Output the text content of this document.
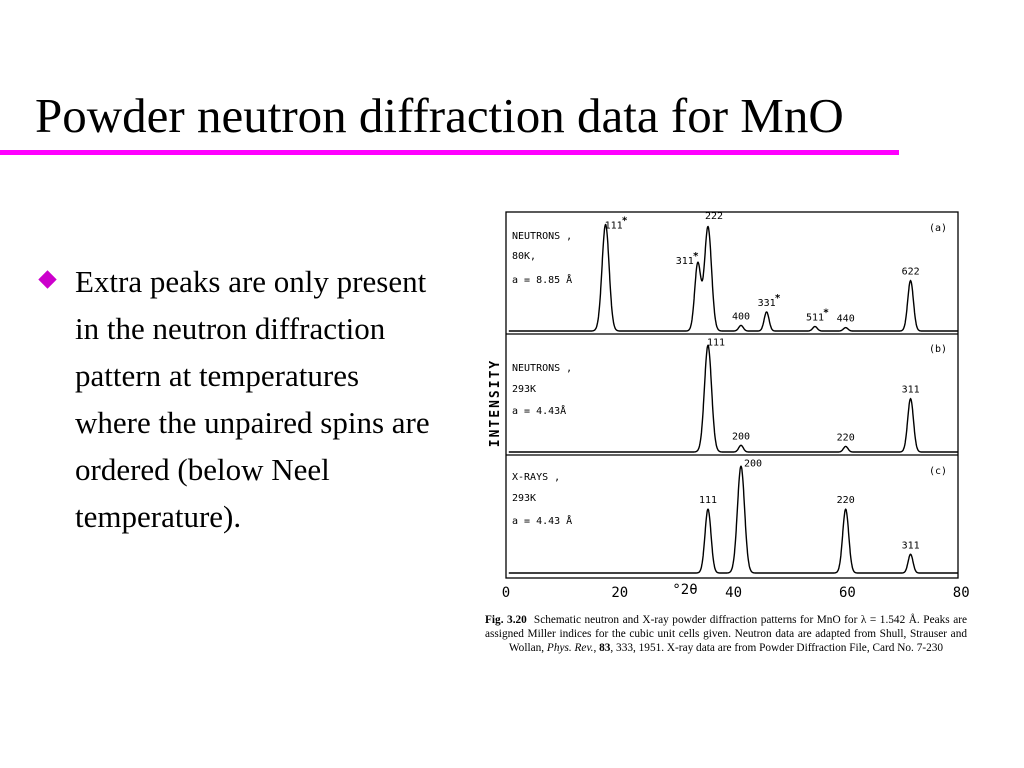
Powder neutron diffraction data for MnO
Extra peaks are only present in the neutron diffraction pattern at temperatures where the unpaired spins are ordered (below Neel temperature).
INTENSITY
(a)
NEUTRONS ,
80K,
a = 8.85 Å
(b)
NEUTRONS ,
293K
a = 4.43Å
(c)
X-RAYS ,
293K
a = 4.43 Å
°2θ
0	20	40	60	80
111
*
311
*
222
400
331
*
511
*
440
622
111
200	220
311
111
200
220
311
Fig. 3.20 Schematic neutron and X-ray powder diffraction patterns for MnO for λ = 1.542 Å. Peaks are assigned Miller indices for the cubic unit cells given. Neutron data are adapted from Shull, Strauser and Wollan, Phys. Rev., 83, 333, 1951. X-ray data are from Powder Diffraction File, Card No. 7-230
